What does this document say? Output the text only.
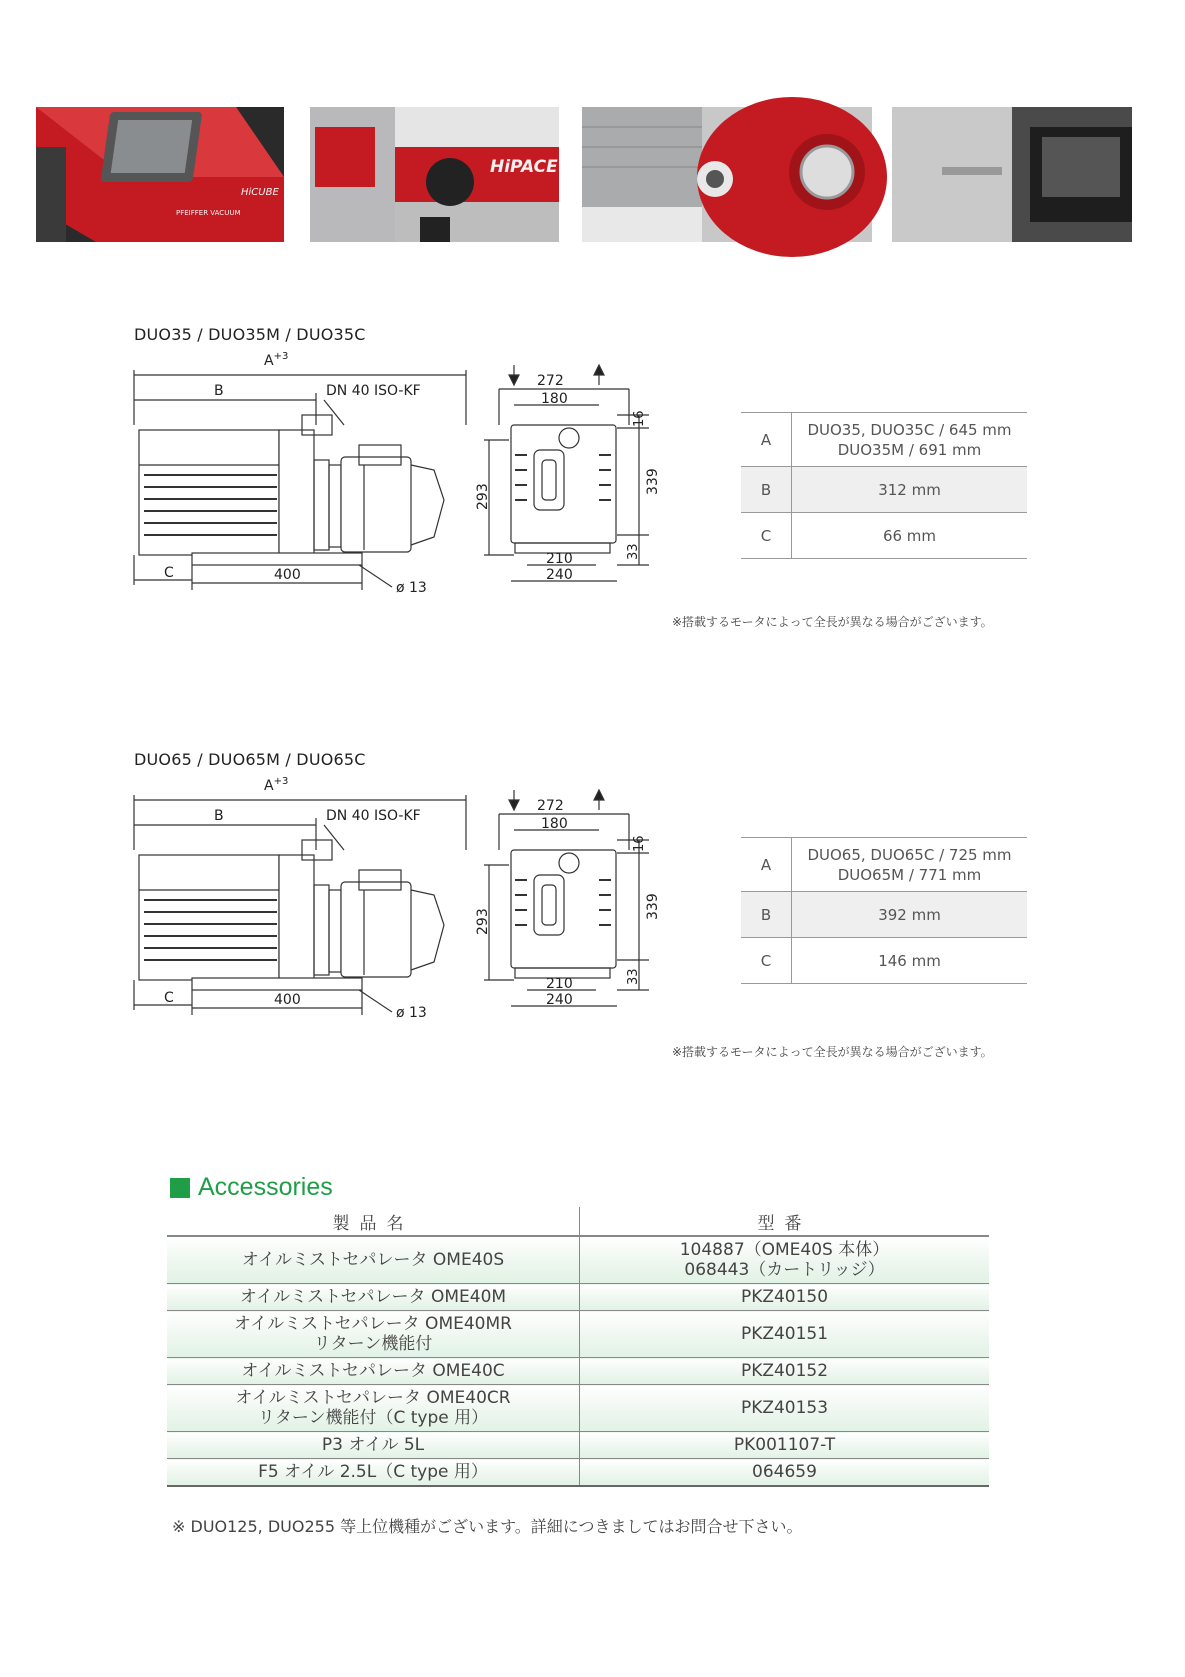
PFEIFFER VACUUM
HiCUBE
HiPACE
DUO35 / DUO35M / DUO35C
$A^{+3}$
B	DN 40 ISO-KF
C	400
ø 13
272
180
16
293
339
33
210
240
A	DUO35, DUO35C / 645 mm
DUO35M / 691 mm
B	312 mm
C	66 mm
※搭載するモータによって全長が異なる場合がございます。
DUO65 / DUO65M / DUO65C
$A^{+3}$
B	DN 40 ISO-KF
C	400
ø 13
272
180
16
293
339
33
210
240
A	DUO65, DUO65C / 725 mm
DUO65M / 771 mm
B	392 mm
C	146 mm
※搭載するモータによって全長が異なる場合がございます。
Accessories
製品名	型番
オイルミストセパレータ OME40S	104887（OME40S 本体）
068443（カートリッジ）
オイルミストセパレータ OME40M	PKZ40150
オイルミストセパレータ OME40MR
リターン機能付	PKZ40151
オイルミストセパレータ OME40C	PKZ40152
オイルミストセパレータ OME40CR
リターン機能付（C type 用）	PKZ40153
P3 オイル 5L	PK001107-T
F5 オイル 2.5L（C type 用）	064659
※ DUO125, DUO255 等上位機種がございます。詳細につきましてはお問合せ下さい。
